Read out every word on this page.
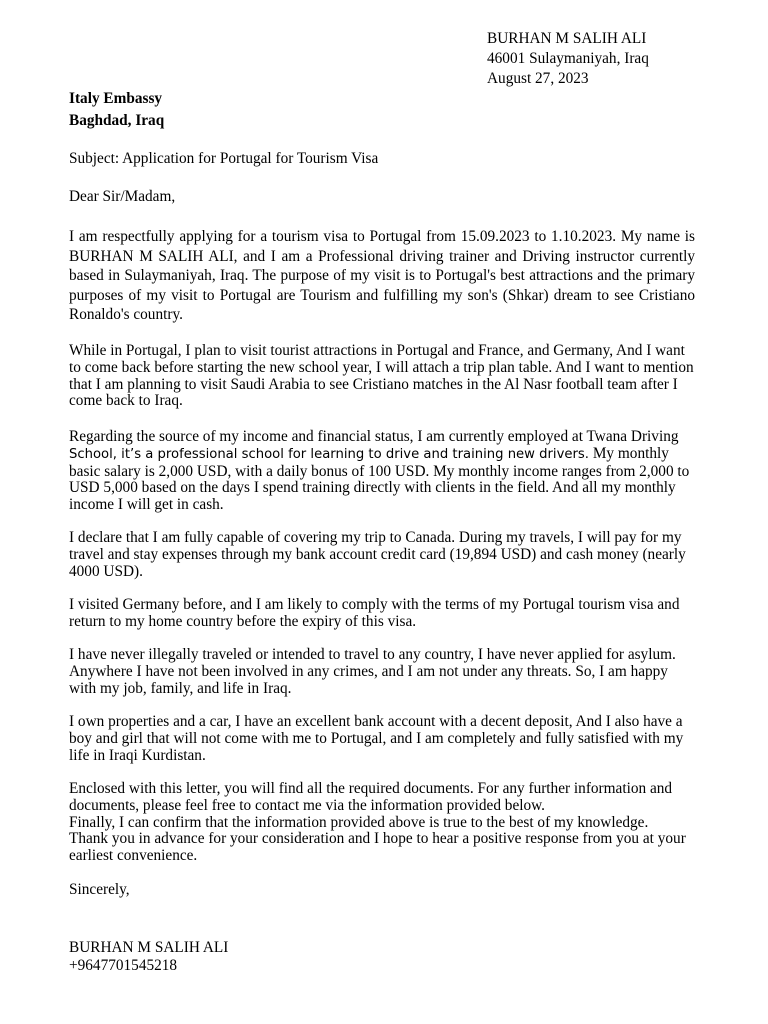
BURHAN M SALIH ALI
46001 Sulaymaniyah, Iraq
August 27, 2023
Italy Embassy
Baghdad, Iraq
Subject: Application for Portugal for Tourism Visa
Dear Sir/Madam,
I am respectfully applying for a tourism visa to Portugal from 15.09.2023 to 1.10.2023. My name is BURHAN M SALIH ALI, and I am a Professional driving trainer and Driving instructor currently based in Sulaymaniyah, Iraq. The purpose of my visit is to Portugal's best attractions and the primary purposes of my visit to Portugal are Tourism and fulfilling my son's (Shkar) dream to see Cristiano Ronaldo's country.
While in Portugal, I plan to visit tourist attractions in Portugal and France, and Germany, And I want to come back before starting the new school year, I will attach a trip plan table. And I want to mention that I am planning to visit Saudi Arabia to see Cristiano matches in the Al Nasr football team after I come back to Iraq.
Regarding the source of my income and financial status, I am currently employed at Twana Driving School, it’s a professional school for learning to drive and training new drivers. My monthly basic salary is 2,000 USD, with a daily bonus of 100 USD. My monthly income ranges from 2,000 to USD 5,000 based on the days I spend training directly with clients in the field. And all my monthly income I will get in cash.
I declare that I am fully capable of covering my trip to Canada. During my travels, I will pay for my travel and stay expenses through my bank account credit card (19,894 USD) and cash money (nearly 4000 USD).
I visited Germany before, and I am likely to comply with the terms of my Portugal tourism visa and return to my home country before the expiry of this visa.
I have never illegally traveled or intended to travel to any country, I have never applied for asylum. Anywhere I have not been involved in any crimes, and I am not under any threats. So, I am happy with my job, family, and life in Iraq.
I own properties and a car, I have an excellent bank account with a decent deposit, And I also have a boy and girl that will not come with me to Portugal, and I am completely and fully satisfied with my life in Iraqi Kurdistan.
Enclosed with this letter, you will find all the required documents. For any further information and documents, please feel free to contact me via the information provided below.
Finally, I can confirm that the information provided above is true to the best of my knowledge.
Thank you in advance for your consideration and I hope to hear a positive response from you at your earliest convenience.
Sincerely,
BURHAN M SALIH ALI
+9647701545218
